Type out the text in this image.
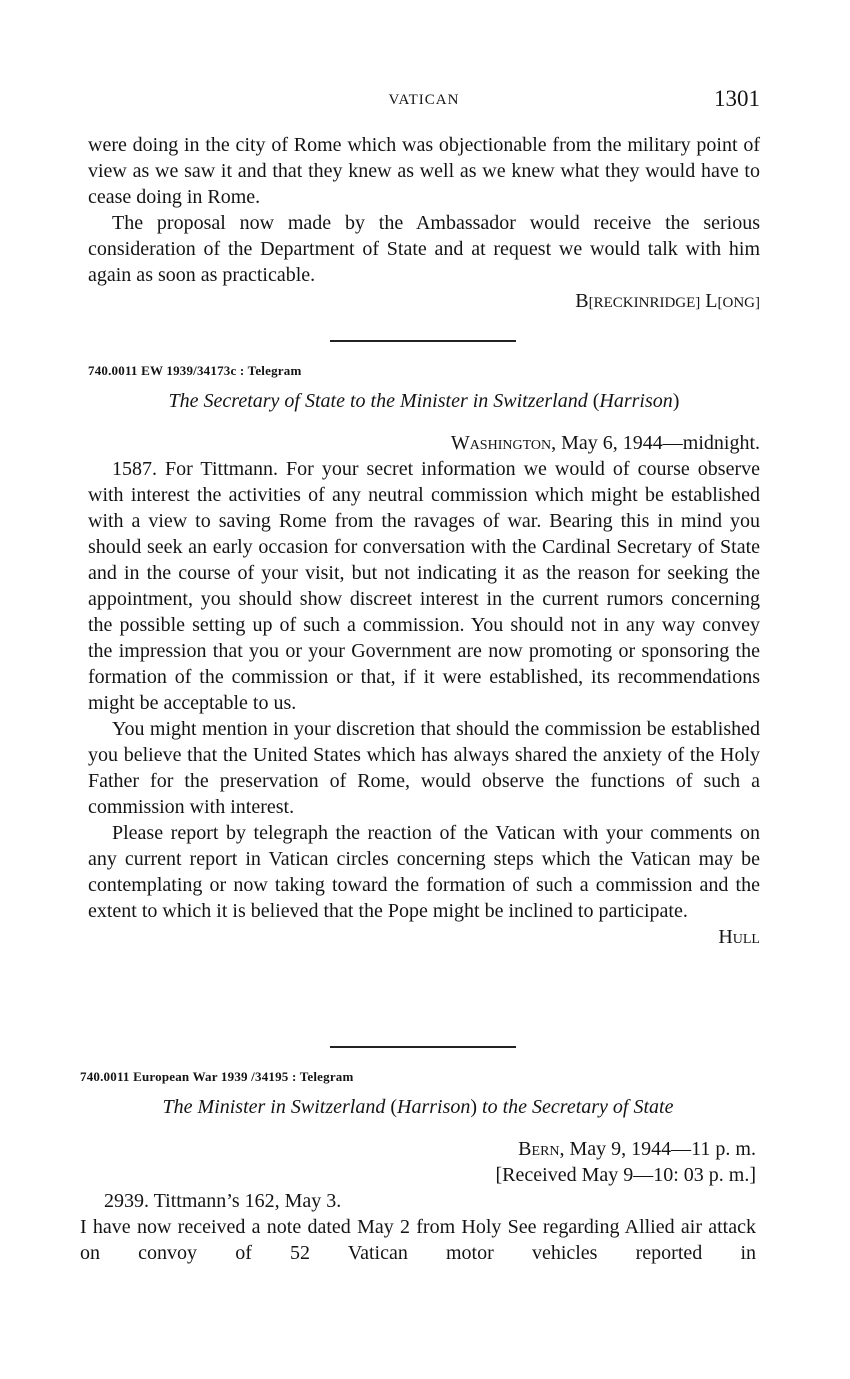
VATICAN	1301

were doing in the city of Rome which was objectionable from the military point of view as we saw it and that they knew as well as we knew what they would have to cease doing in Rome.

The proposal now made by the Ambassador would receive the serious consideration of the Department of State and at request we would talk with him again as soon as practicable.

B[RECKINRIDGE] L[ONG]
740.0011 EW 1939/34173c : Telegram
The Secretary of State to the Minister in Switzerland (Harrison)
Washington, May 6, 1944—midnight.

1587. For Tittmann. For your secret information we would of course observe with interest the activities of any neutral commission which might be established with a view to saving Rome from the ravages of war. Bearing this in mind you should seek an early occasion for conversation with the Cardinal Secretary of State and in the course of your visit, but not indicating it as the reason for seeking the appointment, you should show discreet interest in the current rumors concerning the possible setting up of such a commission. You should not in any way convey the impression that you or your Government are now promoting or sponsoring the formation of the commission or that, if it were established, its recommendations might be acceptable to us.

You might mention in your discretion that should the commission be established you believe that the United States which has always shared the anxiety of the Holy Father for the preservation of Rome, would observe the functions of such a commission with interest.

Please report by telegraph the reaction of the Vatican with your comments on any current report in Vatican circles concerning steps which the Vatican may be contemplating or now taking toward the formation of such a commission and the extent to which it is believed that the Pope might be inclined to participate.

Hull
740.0011 European War 1939 /34195 : Telegram
The Minister in Switzerland (Harrison) to the Secretary of State
Bern, May 9, 1944—11 p. m.
[Received May 9—10: 03 p. m.]

2939. Tittmann’s 162, May 3.

I have now received a note dated May 2 from Holy See regarding Allied air attack on convoy of 52 Vatican motor vehicles reported in
